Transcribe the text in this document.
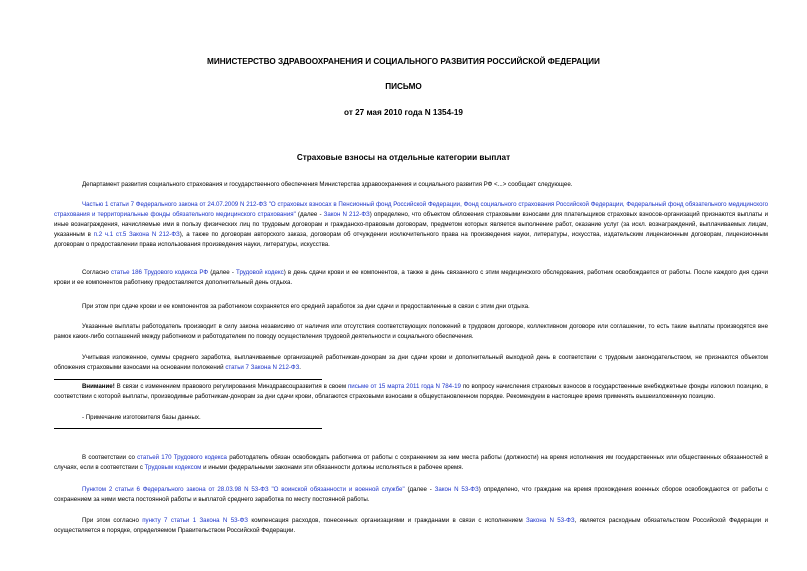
МИНИСТЕРСТВО ЗДРАВООХРАНЕНИЯ И СОЦИАЛЬНОГО РАЗВИТИЯ РОССИЙСКОЙ ФЕДЕРАЦИИ
ПИСЬМО
от 27 мая 2010 года N 1354-19
Страховые взносы на отдельные категории выплат
Департамент развития социального страхования и государственного обеспечения Министерства здравоохранения и социального развития РФ <...> сообщает следующее.
Частью 1 статьи 7 Федерального закона от 24.07.2009 N 212-ФЗ "О страховых взносах в Пенсионный фонд Российской Федерации, Фонд социального страхования Российской Федерации, Федеральный фонд обязательного медицинского страхования и территориальные фонды обязательного медицинского страхования" (далее - Закон N 212-ФЗ) определено, что объектом обложения страховыми взносами для плательщиков страховых взносов-организаций признаются выплаты и иные вознаграждения, начисляемые ими в пользу физических лиц по трудовым договорам и гражданско-правовым договорам, предметом которых является выполнение работ, оказание услуг (за искл. вознаграждений, выплачиваемых лицам, указанным в п.2 ч.1 ст.5 Закона N 212-ФЗ), а также по договорам авторского заказа, договорам об отчуждении исключительного права на произведения науки, литературы, искусства, издательским лицензионным договорам, лицензионным договорам о предоставлении права использования произведения науки, литературы, искусства.
Согласно статье 186 Трудового кодекса РФ (далее - Трудовой кодекс) в день сдачи крови и ее компонентов, а также в день связанного с этим медицинского обследования, работник освобождается от работы. После каждого дня сдачи крови и ее компонентов работнику предоставляется дополнительный день отдыха.
При этом при сдаче крови и ее компонентов за работником сохраняется его средний заработок за дни сдачи и предоставленные в связи с этим дни отдыха.
Указанные выплаты работодатель производит в силу закона независимо от наличия или отсутствия соответствующих положений в трудовом договоре, коллективном договоре или соглашении, то есть такие выплаты производятся вне рамок каких-либо соглашений между работником и работодателем по поводу осуществления трудовой деятельности и социального обеспечения.
Учитывая изложенное, суммы среднего заработка, выплачиваемые организацией работникам-донорам за дни сдачи крови и дополнительный выходной день в соответствии с трудовым законодательством, не признаются объектом обложения страховыми взносами на основании положений статьи 7 Закона N 212-ФЗ.
Внимание! В связи с изменением правового регулирования Минздравсоцразвития в своем письме от 15 марта 2011 года N 784-19 по вопросу начисления страховых взносов в государственные внебюджетные фонды изложил позицию, в соответствии с которой выплаты, производимые работникам-донорам за дни сдачи крови, облагаются страховыми взносами в общеустановленном порядке. Рекомендуем в настоящее время применять вышеизложенную позицию.
- Примечание изготовителя базы данных.
В соответствии со статьей 170 Трудового кодекса работодатель обязан освобождать работника от работы с сохранением за ним места работы (должности) на время исполнения им государственных или общественных обязанностей в случаях, если в соответствии с Трудовым кодексом и иными федеральными законами эти обязанности должны исполняться в рабочее время.
Пунктом 2 статьи 6 Федерального закона от 28.03.98 N 53-ФЗ "О воинской обязанности и военной службе" (далее - Закон N 53-ФЗ) определено, что граждане на время прохождения военных сборов освобождаются от работы с сохранением за ними места постоянной работы и выплатой среднего заработка по месту постоянной работы.
При этом согласно пункту 7 статьи 1 Закона N 53-ФЗ компенсация расходов, понесенных организациями и гражданами в связи с исполнением Закона N 53-ФЗ, является расходным обязательством Российской Федерации и осуществляется в порядке, определяемом Правительством Российской Федерации.
